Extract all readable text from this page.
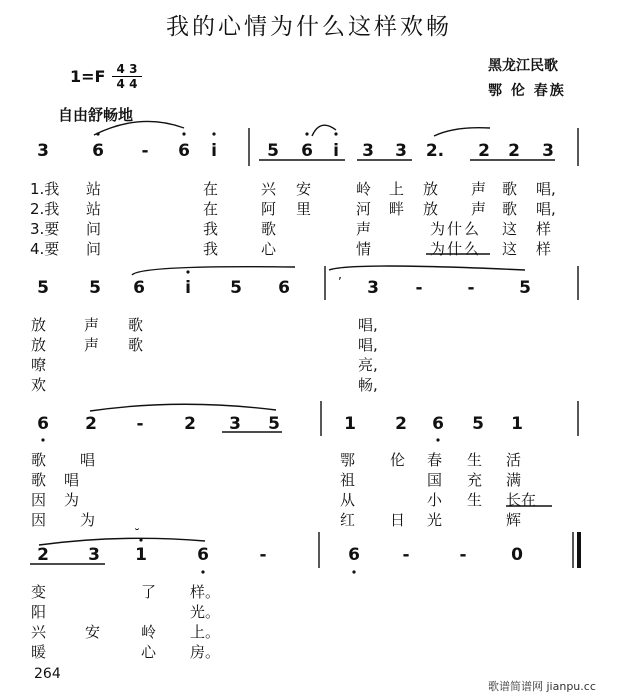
我的心情为什么这样欢畅
黑龙江民歌
鄂 伦 春族
1=F 4 3
4 4
自由舒畅地
3	6 - 6 i	5 6 i 3 3 2. 2 2 3
1.我 站	在	兴 安	岭 上 放 声 歌 唱,
2.我 站	在	阿 里	河 畔 放 声 歌 唱,
3.要 问	我	歌	声	为什么 这 样
4.要 问	我	心	情	为什么 这 样
5 5 6 i 5 6	3 -	-	5
放	声 歌	唱,
放	声 歌	唱,
嘹	亮,
欢	畅,
6 2 - 2 3 5	1 2 6 5 1
歌 唱	鄂 伦 春 生 活
歌唱	祖	国 充 满
因为	从	小 生 长在
因 为	红 日 光	辉
2 3 1	6	-	6	-	-	0
变	了 样。
阳	光。
兴	安	岭 上。
暖	心 房。
264
歌谱简谱网 jianpu.cc
’
˘
